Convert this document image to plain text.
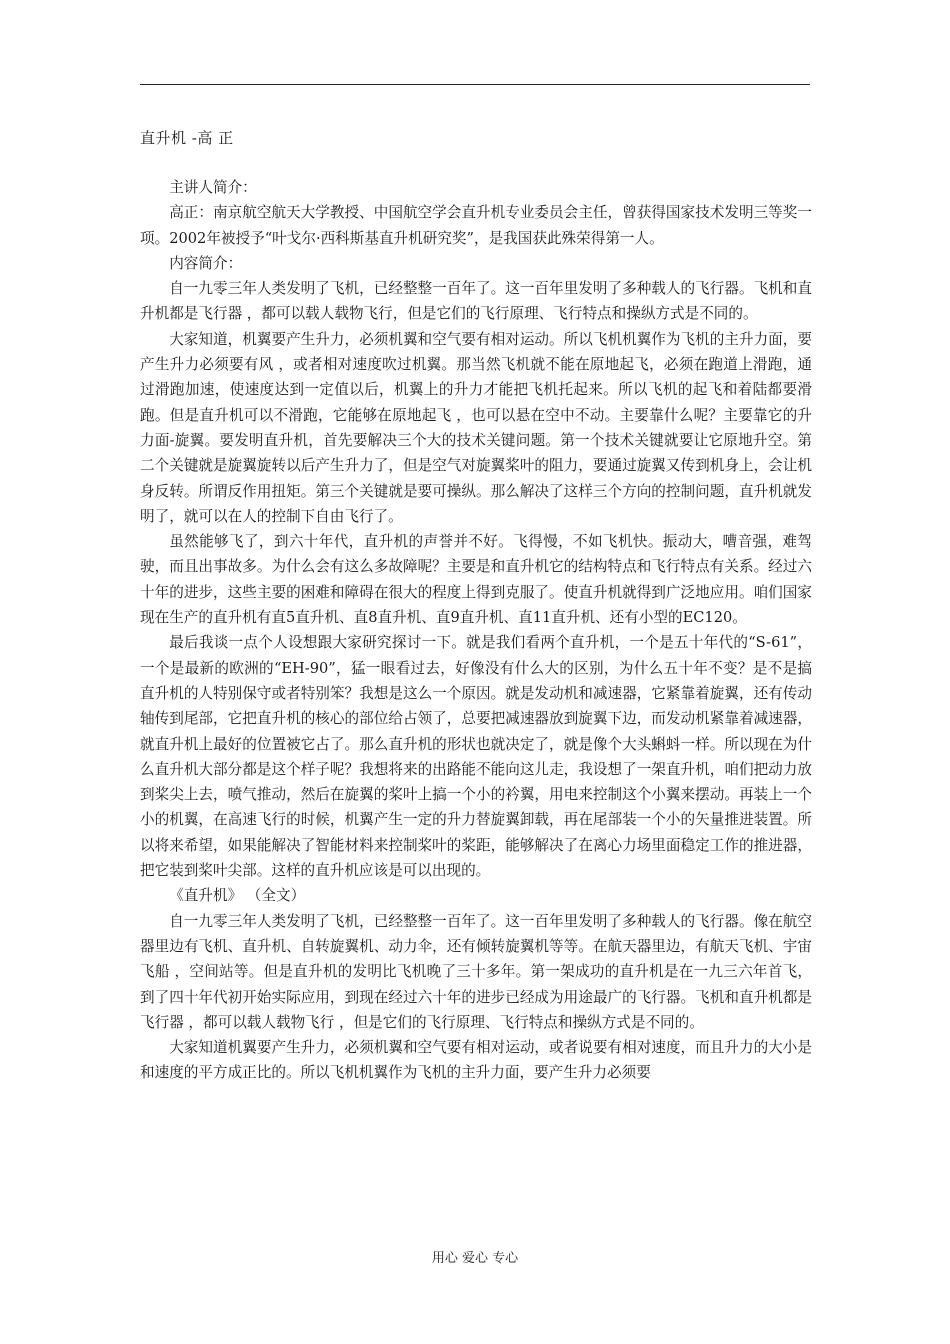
直升机 -高 正

主讲人简介：

高正：南京航空航天大学教授、中国航空学会直升机专业委员会主任，曾获得国家技术发明三等奖一项。2002年被授予“叶戈尔·西科斯基直升机研究奖”，是我国获此殊荣得第一人。

内容简介：

自一九零三年人类发明了飞机，已经整整一百年了。这一百年里发明了多种载人的飞行器。飞机和直升机都是飞行器 ，都可以载人载物飞行，但是它们的飞行原理、飞行特点和操纵方式是不同的。

大家知道，机翼要产生升力，必须机翼和空气要有相对运动。所以飞机机翼作为飞机的主升力面，要产生升力必须要有风 ，或者相对速度吹过机翼。那当然飞机就不能在原地起飞，必须在跑道上滑跑，通过滑跑加速，使速度达到一定值以后，机翼上的升力才能把飞机托起来。所以飞机的起飞和着陆都要滑跑。但是直升机可以不滑跑，它能够在原地起飞 ，也可以悬在空中不动。主要靠什么呢？主要靠它的升力面-旋翼。要发明直升机，首先要解决三个大的技术关键问题。第一个技术关键就要让它原地升空。第二个关键就是旋翼旋转以后产生升力了，但是空气对旋翼桨叶的阻力，要通过旋翼又传到机身上，会让机身反转。所谓反作用扭矩。第三个关键就是要可操纵。那么解决了这样三个方向的控制问题，直升机就发明了，就可以在人的控制下自由飞行了。

虽然能够飞了，到六十年代，直升机的声誉并不好。飞得慢，不如飞机快。振动大，嘈音强，难驾驶，而且出事故多。为什么会有这么多故障呢？主要是和直升机它的结构特点和飞行特点有关系。经过六十年的进步，这些主要的困难和障碍在很大的程度上得到克服了。使直升机就得到广泛地应用。咱们国家现在生产的直升机有直5直升机、直8直升机、直9直升机、直11直升机、还有小型的EC120。

最后我谈一点个人设想跟大家研究探讨一下。就是我们看两个直升机，一个是五十年代的“S-61”，一个是最新的欧洲的“EH-90”，猛一眼看过去，好像没有什么大的区别，为什么五十年不变？是不是搞直升机的人特别保守或者特别笨？我想是这么一个原因。就是发动机和减速器，它紧靠着旋翼，还有传动轴传到尾部，它把直升机的核心的部位给占领了，总要把减速器放到旋翼下边，而发动机紧靠着减速器，就直升机上最好的位置被它占了。那么直升机的形状也就决定了，就是像个大头蝌蚪一样。所以现在为什么直升机大部分都是这个样子呢？我想将来的出路能不能向这儿走，我设想了一架直升机，咱们把动力放到桨尖上去，喷气推动，然后在旋翼的桨叶上搞一个小的衿翼，用电来控制这个小翼来摆动。再装上一个小的机翼，在高速飞行的时候，机翼产生一定的升力替旋翼卸载，再在尾部装一个小的矢量推进装置。所以将来希望，如果能解决了智能材料来控制桨叶的桨距，能够解决了在离心力场里面稳定工作的推进器，把它装到桨叶尖部。这样的直升机应该是可以出现的。

《直升机》 （全文）

自一九零三年人类发明了飞机，已经整整一百年了。这一百年里发明了多种载人的飞行器。像在航空器里边有飞机、直升机、自转旋翼机、动力伞，还有倾转旋翼机等等。在航天器里边，有航天飞机、宇宙飞船 ，空间站等。但是直升机的发明比飞机晚了三十多年。第一架成功的直升机是在一九三六年首飞， 到了四十年代初开始实际应用，到现在经过六十年的进步已经成为用途最广的飞行器。飞机和直升机都是飞行器 ，都可以载人载物飞行 ，但是它们的飞行原理、飞行特点和操纵方式是不同的。

大家知道机翼要产生升力，必须机翼和空气要有相对运动，或者说要有相对速度，而且升力的大小是和速度的平方成正比的。所以飞机机翼作为飞机的主升力面，要产生升力必须要

用心 爱心 专心
